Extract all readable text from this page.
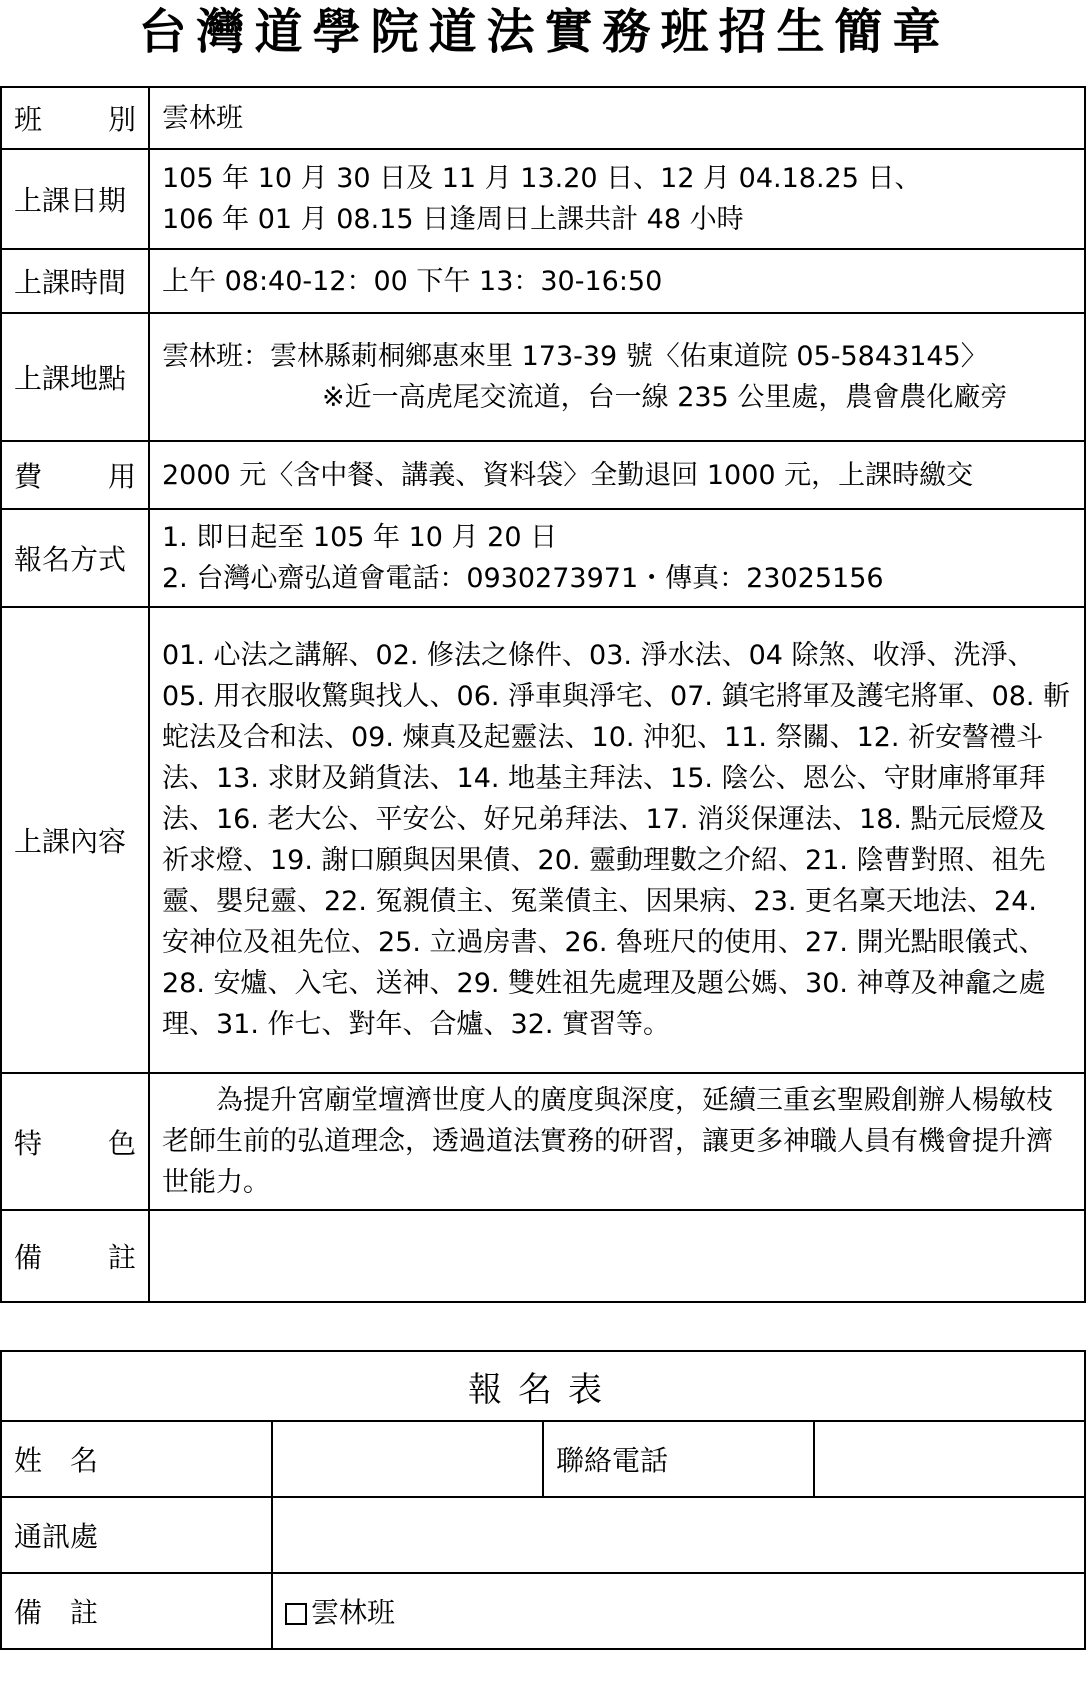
台灣道學院道法實務班招生簡章
班 別	雲林班
上課日期	105 年 10 月 30 日及 11 月 13.20 日、12 月 04.18.25 日、
106 年 01 月 08.15 日逢周日上課共計 48 小時

上課時間	上午 08:40-12：00 下午 13：30-16:50
上課地點	雲林班：雲林縣莿桐鄉惠來里 173-39 號〈佑東道院 05-5843145〉
※近一高虎尾交流道，台一線 235 公里處，農會農化廠旁

費 用	2000 元〈含中餐、講義、資料袋〉全勤退回 1000 元，上課時繳交
報名方式	1. 即日起至 105 年 10 月 20 日
2. 台灣心齋弘道會電話：0930273971・傳真：23025156

上課內容	01. 心法之講解、02. 修法之條件、03. 淨水法、04 除煞、收淨、洗淨、05. 用衣服收驚與找人、06. 淨車與淨宅、07. 鎮宅將軍及護宅將軍、08. 斬蛇法及合和法、09. 煉真及起靈法、10. 沖犯、11. 祭關、12. 祈安謷禮斗法、13. 求財及銷貨法、14. 地基主拜法、15. 陰公、恩公、守財庫將軍拜法、16. 老大公、平安公、好兄弟拜法、17. 消災保運法、18. 點元辰燈及祈求燈、19. 謝口願與因果債、20. 靈動理數之介紹、21. 陰曹對照、祖先靈、嬰兒靈、22. 冤親債主、冤業債主、因果病、23. 更名稟天地法、24. 安神位及祖先位、25. 立過房書、26. 魯班尺的使用、27. 開光點眼儀式、28. 安爐、入宅、送神、29. 雙姓祖先處理及題公媽、30. 神尊及神龕之處理、31. 作七、對年、合爐、32. 實習等。

特 色	為提升宮廟堂壇濟世度人的廣度與深度，延續三重玄聖殿創辦人楊敏枝老師生前的弘道理念，透過道法實務的研習，讓更多神職人員有機會提升濟世能力。

備 註	

報名表			
姓　名		聯絡電話	
通訊處			
備　註	雲林班		
